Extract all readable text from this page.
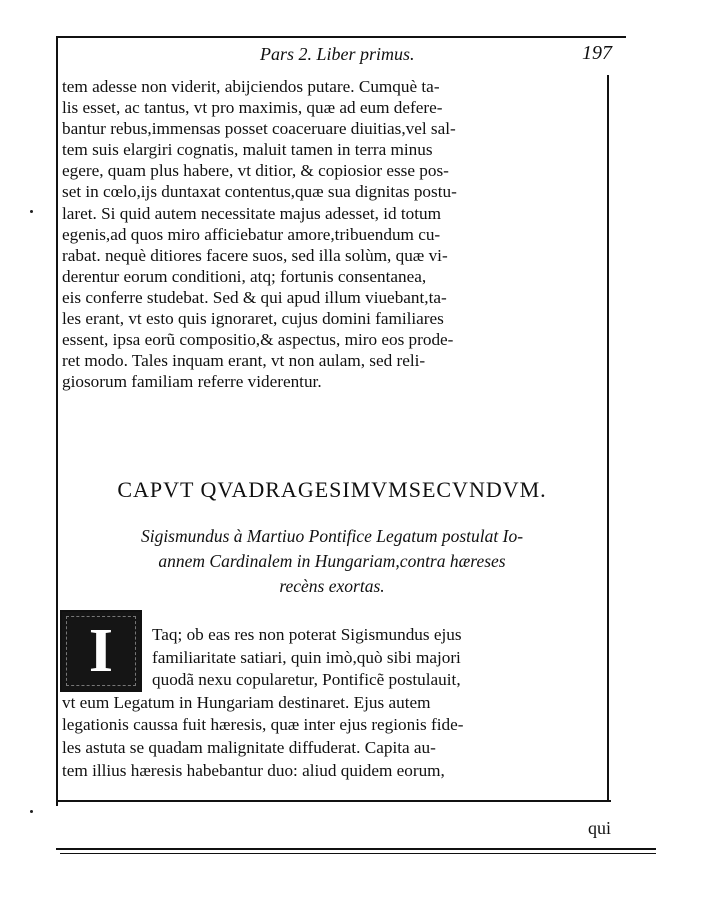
Pars 2. Liber primus.	197
tem adesse non viderit, abijciendos putare. Cumquè ta-
lis esset, ac tantus, vt pro maximis, quæ ad eum defere-
bantur rebus,immensas posset coaceruare diuitias,vel sal-
tem suis elargiri cognatis, maluit tamen in terra minus
egere, quam plus habere, vt ditior, & copiosior esse pos-
set in cœlo,ijs duntaxat contentus,quæ sua dignitas postu-
laret. Si quid autem necessitate majus adesset, id totum
egenis,ad quos miro afficiebatur amore,tribuendum cu-
rabat. nequè ditiores facere suos, sed illa solùm, quæ vi-
derentur eorum conditioni, atq; fortunis consentanea,
eis conferre studebat. Sed & qui apud illum viuebant,ta-
les erant, vt esto quis ignoraret, cujus domini familiares
essent, ipsa eorũ compositio,& aspectus, miro eos prode-
ret modo. Tales inquam erant, vt non aulam, sed reli-
giosorum familiam referre viderentur.
CAPVT QVADRAGESIMVMSECVNDVM.
Sigismundus à Martiuo Pontifice Legatum postulat Io-
annem Cardinalem in Hungariam,contra hæreses
recèns exortas.
I	Taq; ob eas res non poterat Sigismundus ejus
familiaritate satiari, quin imò,quò sibi majori
quodã nexu copularetur, Pontificẽ postulauit,
vt eum Legatum in Hungariam destinaret. Ejus autem
legationis caussa fuit hæresis, quæ inter ejus regionis fide-
les astuta se quadam malignitate diffuderat. Capita au-
tem illius hæresis habebantur duo: aliud quidem eorum,
qui
